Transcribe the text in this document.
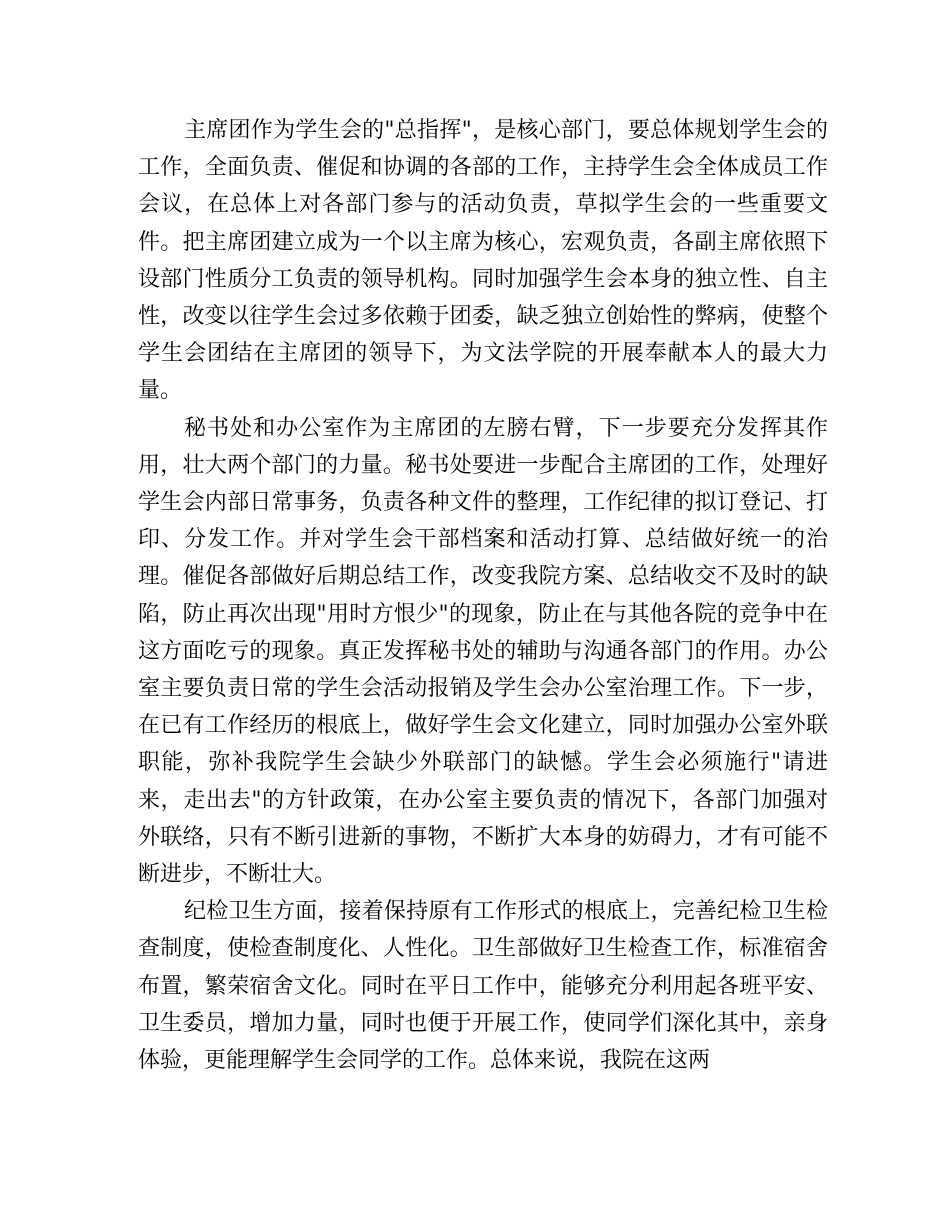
主席团作为学生会的"总指挥"，是核心部门，要总体规划学生会的工作，全面负责、催促和协调的各部的工作，主持学生会全体成员工作会议，在总体上对各部门参与的活动负责，草拟学生会的一些重要文件。把主席团建立成为一个以主席为核心，宏观负责，各副主席依照下设部门性质分工负责的领导机构。同时加强学生会本身的独立性、自主性，改变以往学生会过多依赖于团委，缺乏独立创始性的弊病，使整个学生会团结在主席团的领导下，为文法学院的开展奉献本人的最大力量。

秘书处和办公室作为主席团的左膀右臂，下一步要充分发挥其作用，壮大两个部门的力量。秘书处要进一步配合主席团的工作，处理好学生会内部日常事务，负责各种文件的整理，工作纪律的拟订登记、打印、分发工作。并对学生会干部档案和活动打算、总结做好统一的治理。催促各部做好后期总结工作，改变我院方案、总结收交不及时的缺陷，防止再次出现"用时方恨少"的现象，防止在与其他各院的竞争中在这方面吃亏的现象。真正发挥秘书处的辅助与沟通各部门的作用。办公室主要负责日常的学生会活动报销及学生会办公室治理工作。下一步，在已有工作经历的根底上，做好学生会文化建立，同时加强办公室外联职能，弥补我院学生会缺少外联部门的缺憾。学生会必须施行"请进来，走出去"的方针政策，在办公室主要负责的情况下，各部门加强对外联络，只有不断引进新的事物，不断扩大本身的妨碍力，才有可能不断进步，不断壮大。

纪检卫生方面，接着保持原有工作形式的根底上，完善纪检卫生检查制度，使检查制度化、人性化。卫生部做好卫生检查工作，标准宿舍布置，繁荣宿舍文化。同时在平日工作中，能够充分利用起各班平安、卫生委员，增加力量，同时也便于开展工作，使同学们深化其中，亲身体验，更能理解学生会同学的工作。总体来说，我院在这两
